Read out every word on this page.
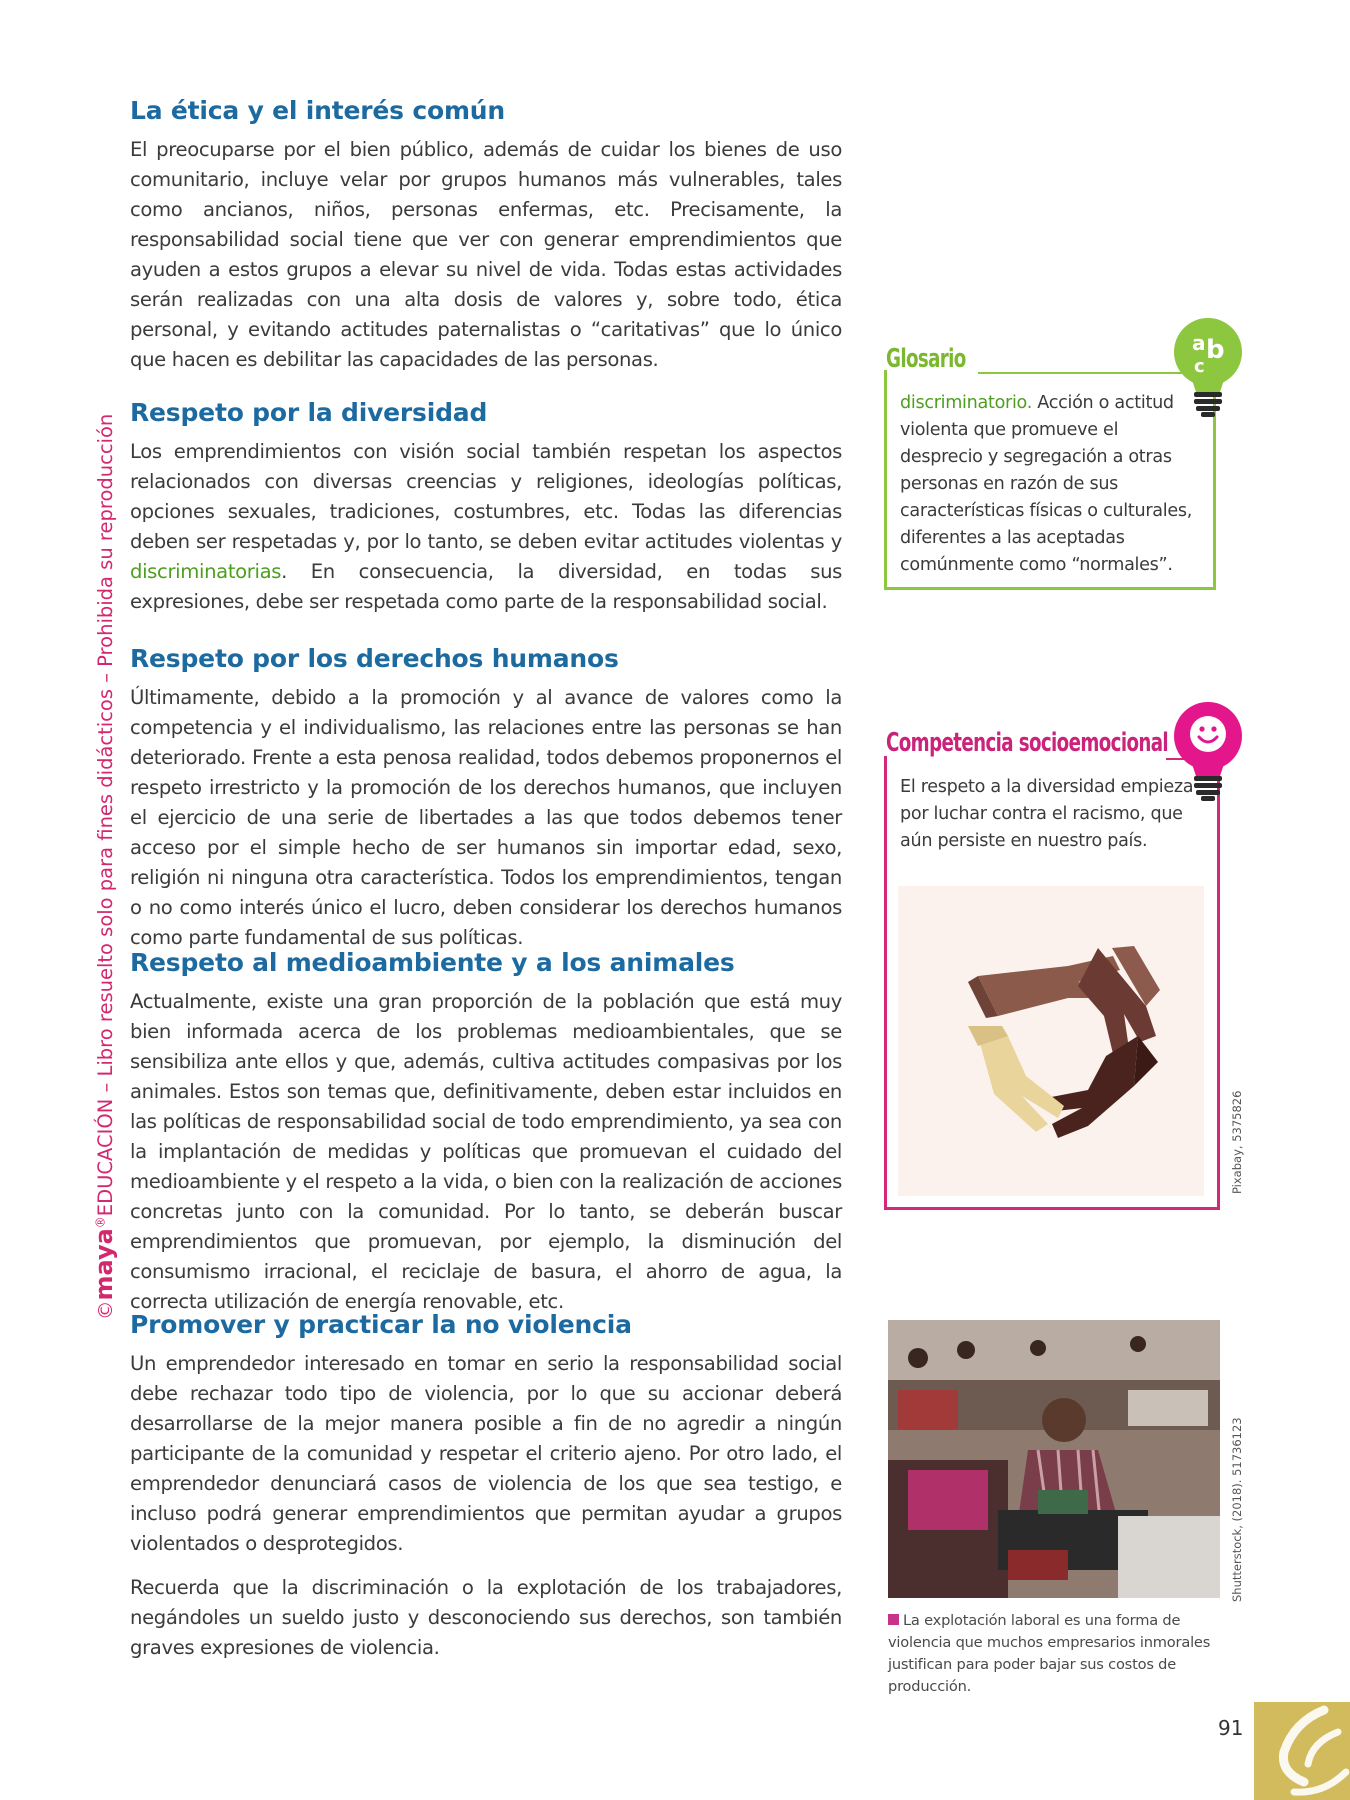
©maya®EDUCACIÓN – Libro resuelto solo para fines didácticos – Prohibida su reproducción
La ética y el interés común

El preocuparse por el bien público, además de cuidar los bienes de uso comunitario, incluye velar por grupos humanos más vulnerables, tales como ancianos, niños, personas enfermas, etc. Precisamente, la responsabilidad social tiene que ver con generar emprendimientos que ayuden a estos grupos a elevar su nivel de vida. Todas estas actividades serán realizadas con una alta dosis de valores y, sobre todo, ética personal, y evitando actitudes paternalistas o “caritativas” que lo único que hacen es debilitar las capacidades de las personas.

Respeto por la diversidad

Los emprendimientos con visión social también respetan los aspectos relacionados con diversas creencias y religiones, ideologías políticas, opciones sexuales, tradiciones, costumbres, etc. Todas las diferencias deben ser respetadas y, por lo tanto, se deben evitar actitudes violentas y discriminatorias. En consecuencia, la diversidad, en todas sus expresiones, debe ser respetada como parte de la responsabilidad social.

Respeto por los derechos humanos

Últimamente, debido a la promoción y al avance de valores como la competencia y el individualismo, las relaciones entre las personas se han deteriorado. Frente a esta penosa realidad, todos debemos proponernos el respeto irrestricto y la promoción de los derechos humanos, que incluyen el ejercicio de una serie de libertades a las que todos debemos tener acceso por el simple hecho de ser humanos sin importar edad, sexo, religión ni ninguna otra característica. Todos los emprendimientos, tengan o no como interés único el lucro, deben considerar los derechos humanos como parte fundamental de sus políticas.

Respeto al medioambiente y a los animales

Actualmente, existe una gran proporción de la población que está muy bien informada acerca de los problemas medioambientales, que se sensibiliza ante ellos y que, además, cultiva actitudes compasivas por los animales. Estos son temas que, definitivamente, deben estar incluidos en las políticas de responsabilidad social de todo emprendimiento, ya sea con la implantación de medidas y políticas que promuevan el cuidado del medioambiente y el respeto a la vida, o bien con la realización de acciones concretas junto con la comunidad. Por lo tanto, se deberán buscar emprendimientos que promuevan, por ejemplo, la disminución del consumismo irracional, el reciclaje de basura, el ahorro de agua, la correcta utilización de energía renovable, etc.

Promover y practicar la no violencia

Un emprendedor interesado en tomar en serio la responsabilidad social debe rechazar todo tipo de violencia, por lo que su accionar deberá desarrollarse de la mejor manera posible a fin de no agredir a ningún participante de la comunidad y respetar el criterio ajeno. Por otro lado, el emprendedor denunciará casos de violencia de los que sea testigo, e incluso podrá generar emprendimientos que permitan ayudar a grupos violentados o desprotegidos.

Recuerda que la discriminación o la explotación de los trabajadores, negándoles un sueldo justo y desconociendo sus derechos, son también graves expresiones de violencia.

Glosario
a b
c
discriminatorio. Acción o actitud violenta que promueve el desprecio y segregación a otras personas en razón de sus características físicas o culturales, diferentes a las aceptadas comúnmente como “normales”.
Competencia socioemocional
El respeto a la diversidad empieza por luchar contra el racismo, que aún persiste en nuestro país.
Pixabay, 5375826
Shutterstock, (2018). 51736123
La explotación laboral es una forma de violencia que muchos empresarios inmorales justifican para poder bajar sus costos de producción.
91
